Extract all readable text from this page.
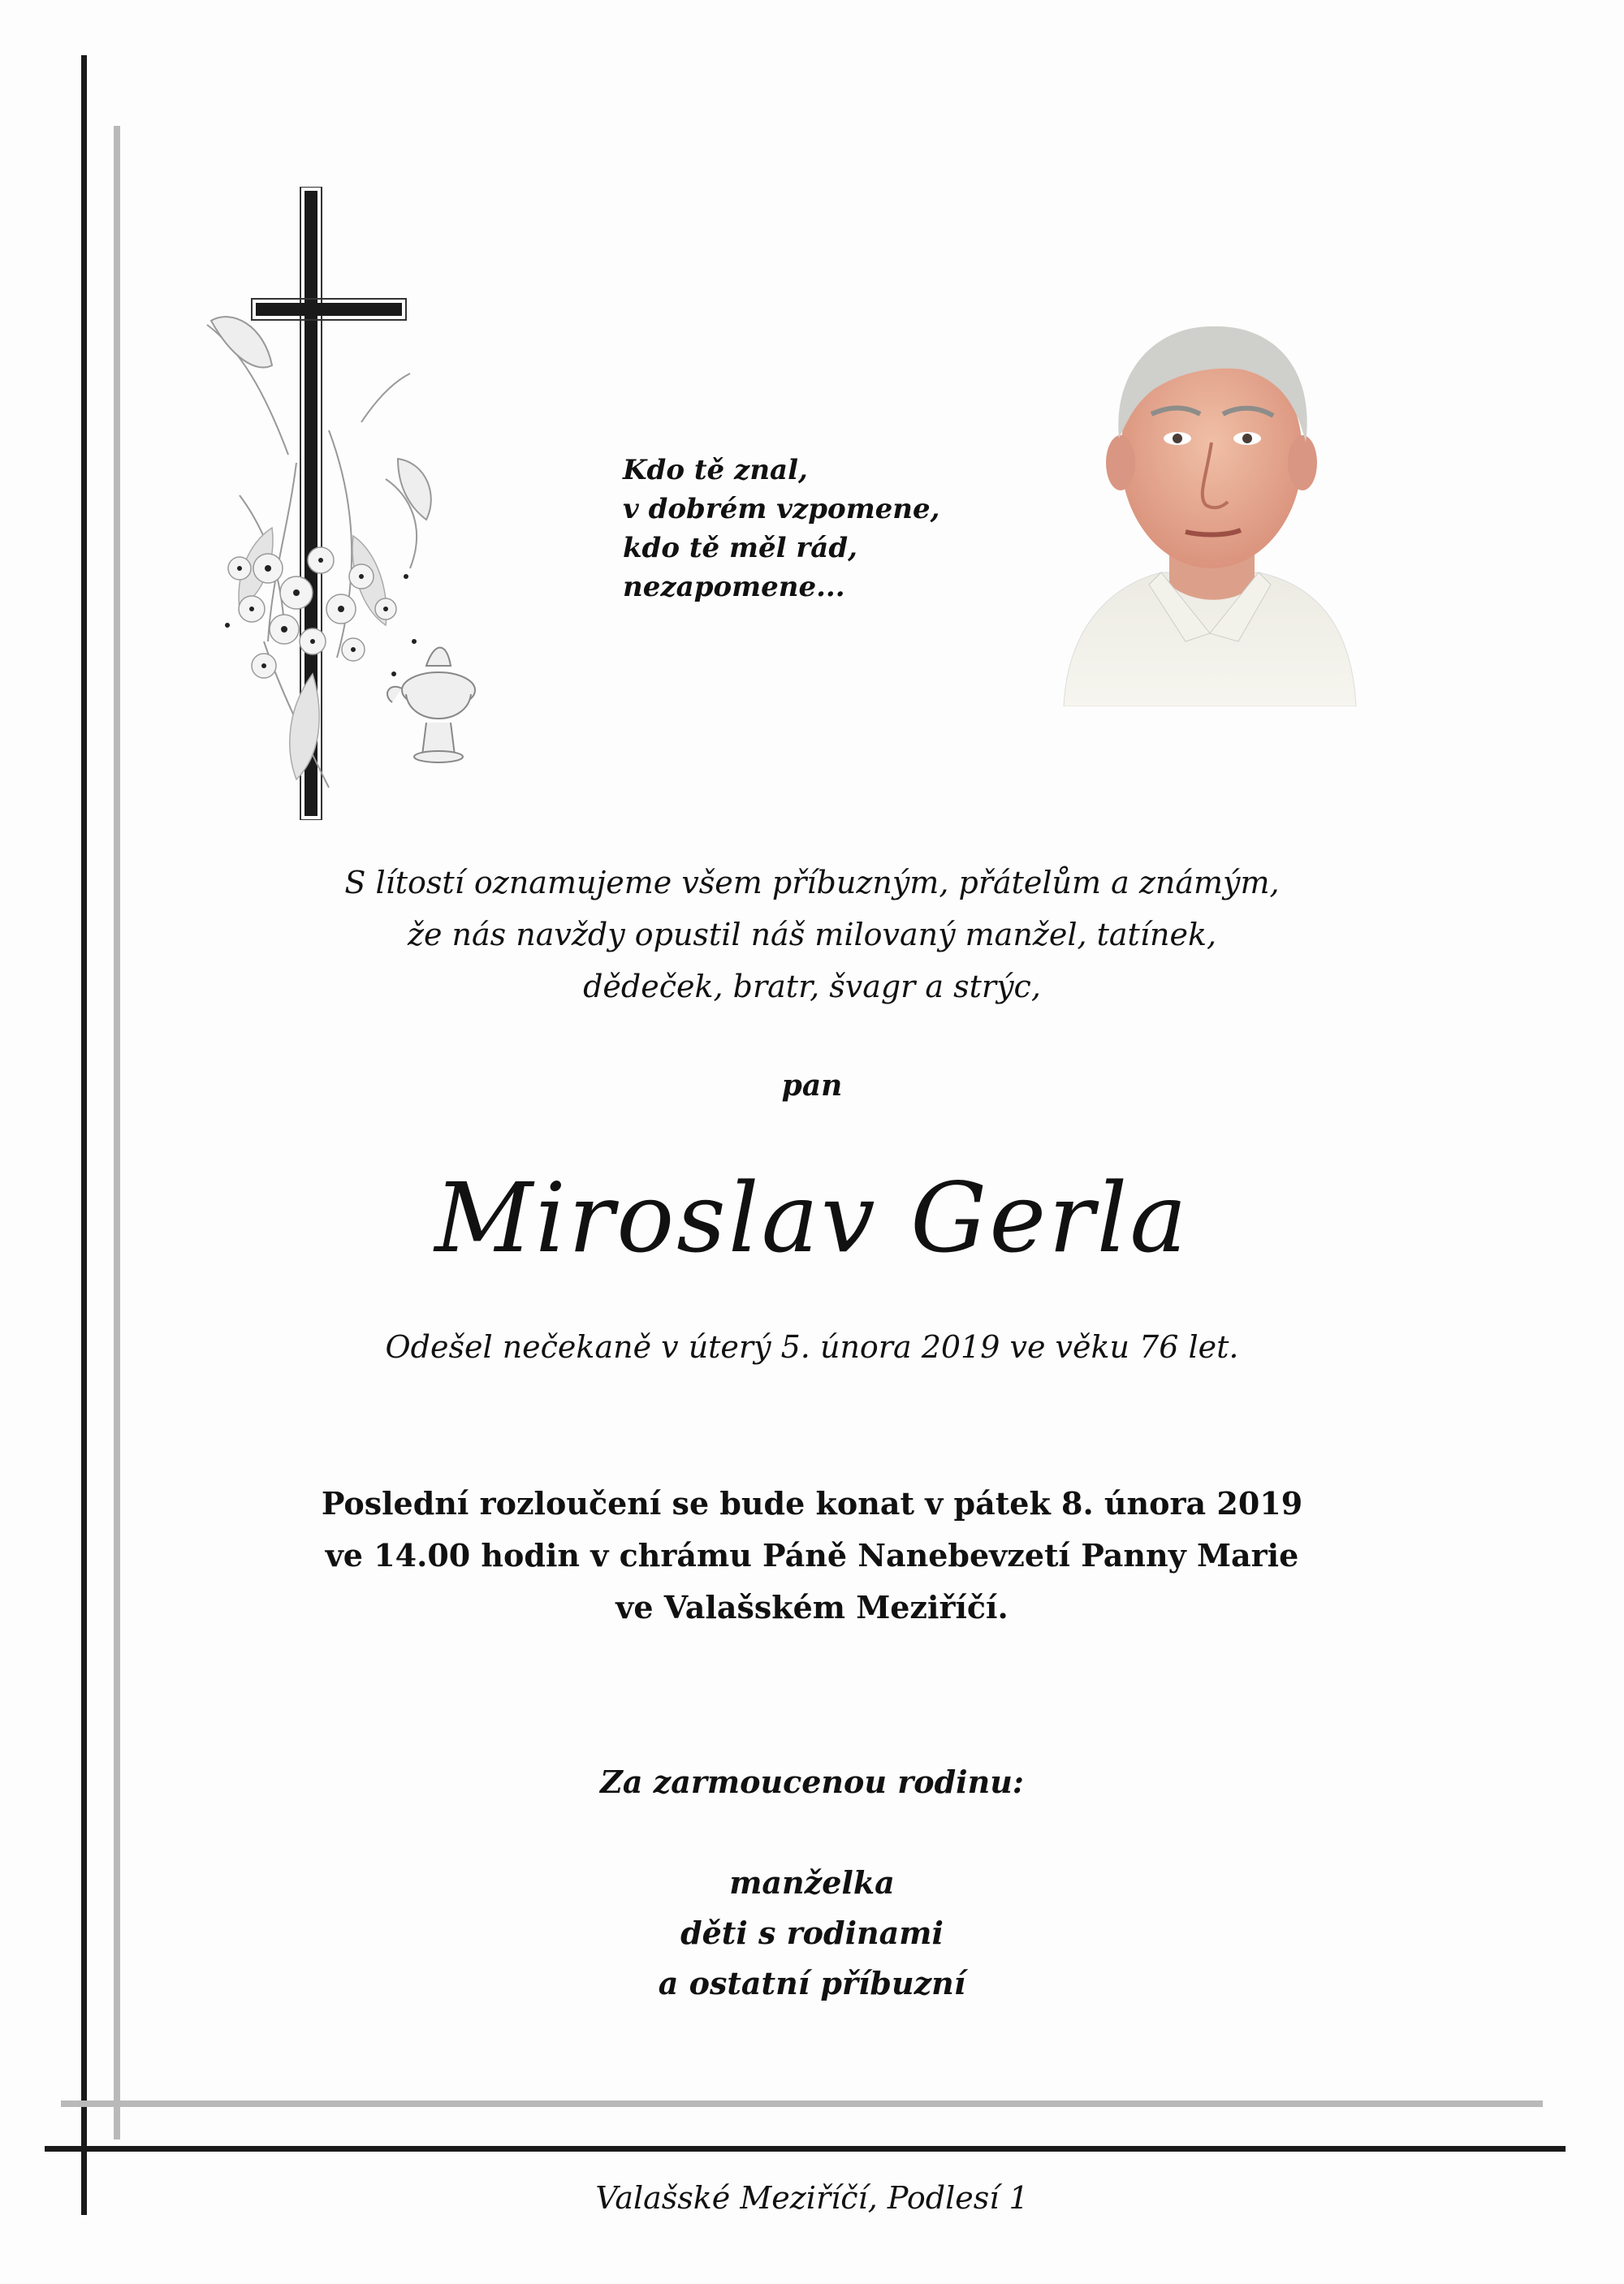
Kdo tě znal,
v dobrém vzpomene,
kdo tě měl rád,
nezapomene...
S lítostí oznamujeme všem příbuzným, přátelům a známým,
že nás navždy opustil náš milovaný manžel, tatínek,
dědeček, bratr, švagr a strýc,
pan
Miroslav Gerla
Odešel nečekaně v úterý 5. února 2019 ve věku 76 let.
Poslední rozloučení se bude konat v pátek 8. února 2019
ve 14.00 hodin v chrámu Páně Nanebevzetí Panny Marie
ve Valašském Meziříčí.
Za zarmoucenou rodinu:
manželka
děti s rodinami
a ostatní příbuzní
Valašské Meziříčí, Podlesí 1
